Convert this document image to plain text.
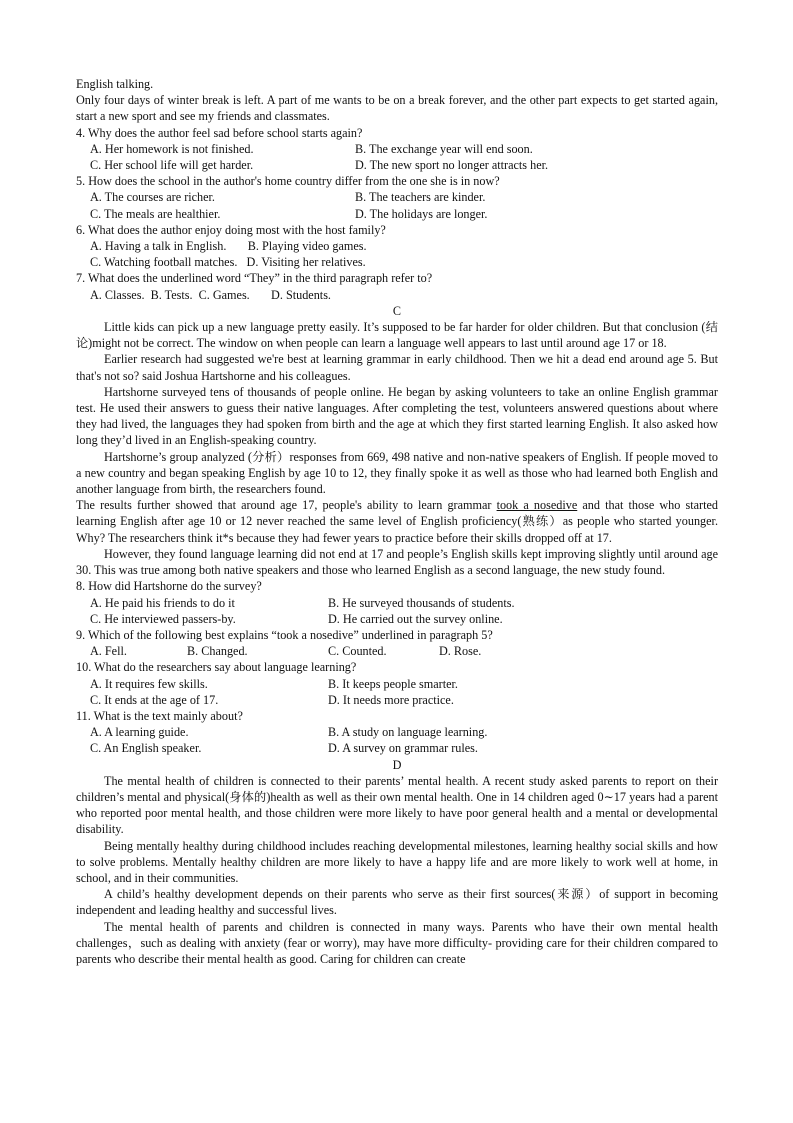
English talking.

Only four days of winter break is left. A part of me wants to be on a break forever, and the other part expects to get started again, start a new sport and see my friends and classmates.

4. Why does the author feel sad before school starts again?

A. Her homework is not finished.	B. The exchange year will end soon.
C. Her school life will get harder.	D. The new sport no longer attracts her.

5. How does the school in the author's home country differ from the one she is in now?

A. The courses are richer.	B. The teachers are kinder.
C. The meals are healthier.	D. The holidays are longer.

6. What does the author enjoy doing most with the host family?

A. Having a talk in English.       B. Playing video games.
C. Watching football matches.   D. Visiting her relatives.

7. What does the underlined word “They” in the third paragraph refer to?

A. Classes.  B. Tests.  C. Games.       D. Students.

C

Little kids can pick up a new language pretty easily. It’s supposed to be far harder for older children. But that conclusion (结论)might not be correct. The window on when people can learn a language well appears to last until around age 17 or 18.

Earlier research had suggested we're best at learning grammar in early childhood. Then we hit a dead end around age 5. But that's not so? said Joshua Hartshorne and his colleagues.

Hartshorne surveyed tens of thousands of people online. He began by asking volunteers to take an online English grammar test. He used their answers to guess their native languages. After completing the test, volunteers answered questions about where they had lived, the languages they had spoken from birth and the age at which they first started learning English. It also asked how long they’d lived in an English-speaking country.

Hartshorne’s group analyzed (分析）responses from 669, 498 native and non-native speakers of English. If people moved to a new country and began speaking English by age 10 to 12, they finally spoke it as well as those who had learned both English and another language from birth, the researchers found.

The results further showed that around age 17, people's ability to learn grammar took a nosedive and that those who started learning English after age 10 or 12 never reached the same level of English proficiency(熟练）as people who started younger. Why? The researchers think it*s because they had fewer years to practice before their skills dropped off at 17.

However, they found language learning did not end at 17 and people’s English skills kept improving slightly until around age 30. This was true among both native speakers and those who learned English as a second language, the new study found.

8. How did Hartshorne do the survey?

A. He paid his friends to do it	B. He surveyed thousands of students.
C. He interviewed passers-by.	D. He carried out the survey online.

9. Which of the following best explains “took a nosedive” underlined in paragraph 5?

A. Fell.	B. Changed.	C. Counted.	D. Rose.

10. What do the researchers say about language learning?

A. It requires few skills.	B. It keeps people smarter.
C. It ends at the age of 17.	D. It needs more practice.

11. What is the text mainly about?

A. A learning guide.	B. A study on language learning.
C. An English speaker.	D. A survey on grammar rules.

D

The mental health of children is connected to their parents’ mental health. A recent study asked parents to report on their children’s mental and physical(身体的)health as well as their own mental health. One in 14 children aged 0∼17 years had a parent who reported poor mental health, and those children were more likely to have poor general health and a mental or developmental disability.

Being mentally healthy during childhood includes reaching developmental milestones, learning healthy social skills and how to solve problems. Mentally healthy children are more likely to have a happy life and are more likely to work well at home, in school, and in their communities.

A child’s healthy development depends on their parents who serve as their first sources(来源）of support in becoming independent and leading healthy and successful lives.

The mental health of parents and children is connected in many ways. Parents who have their own mental health challenges，such as dealing with anxiety (fear or worry), may have more difficulty- providing care for their children compared to parents who describe their mental health as good. Caring for children can create
